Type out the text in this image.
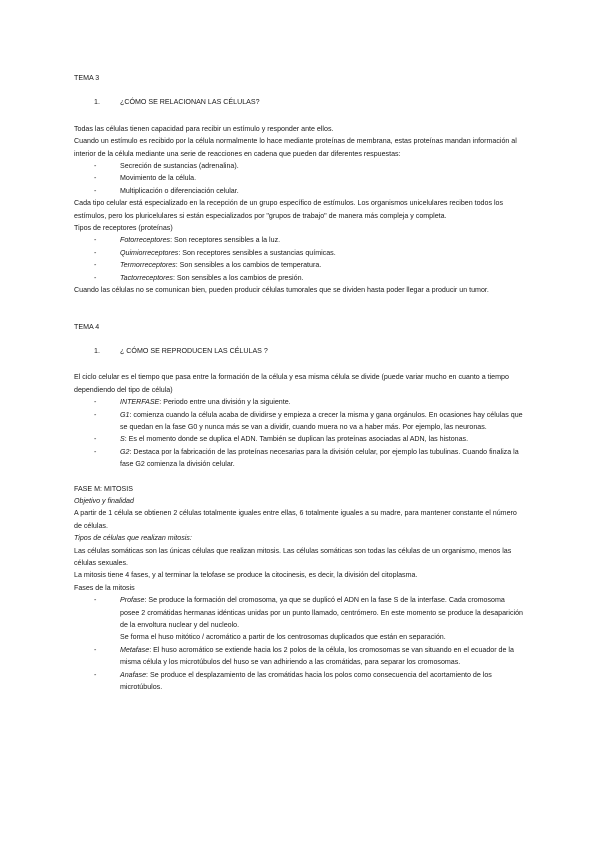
TEMA 3

1.	¿CÓMO SE RELACIONAN LAS CÉLULAS?

Todas las células tienen capacidad para recibir un estímulo y responder ante ellos.

Cuando un estímulo es recibido por la célula normalmente lo hace mediante proteínas de membrana, estas proteínas mandan información al interior de la célula mediante una serie de reacciones en cadena que pueden dar diferentes respuestas:

- Secreción de sustancias (adrenalina).
- Movimiento de la célula.
- Multiplicación o diferenciación celular.

Cada tipo celular está especializado en la recepción de un grupo específico de estímulos. Los organismos unicelulares reciben todos los estímulos, pero los pluricelulares si están especializados por "grupos de trabajo" de manera más compleja y completa.

Tipos de receptores (proteínas)

- Fotorreceptores: Son receptores sensibles a la luz.
- Quimiorreceptores: Son receptores sensibles a sustancias químicas.
- Termorreceptores: Son sensibles a los cambios de temperatura.
- Tactorreceptores: Son sensibles a los cambios de presión.

Cuando las células no se comunican bien, pueden producir células tumorales que se dividen hasta poder llegar a producir un tumor.

TEMA 4

1.	¿ CÓMO SE REPRODUCEN LAS CÉLULAS ?

El ciclo celular es el tiempo que pasa entre la formación de la célula y esa misma célula se divide (puede variar mucho en cuanto a tiempo dependiendo del tipo de célula)

- INTERFASE: Periodo entre una división y la siguiente.
- G1: comienza cuando la célula acaba de dividirse y empieza a crecer la misma y gana orgánulos. En ocasiones hay células que se quedan en la fase G0 y nunca más se van a dividir, cuando muera no va a haber más. Por ejemplo, las neuronas.
- S: Es el momento donde se duplica el ADN. También se duplican las proteínas asociadas al ADN, las histonas.
- G2: Destaca por la fabricación de las proteínas necesarias para la división celular, por ejemplo las tubulinas. Cuando finaliza la fase G2 comienza la división celular.

FASE M: MITOSIS

Objetivo y finalidad

A partir de 1 célula se obtienen 2 células totalmente iguales entre ellas, 6 totalmente iguales a su madre, para mantener constante el número de células.

Tipos de células que realizan mitosis:

Las células somáticas son las únicas células que realizan mitosis. Las células somáticas son todas las células de un organismo, menos las células sexuales.

La mitosis tiene 4 fases, y al terminar la telofase se produce la citocinesis, es decir, la división del citoplasma.

Fases de la mitosis

- Profase: Se produce la formación del cromosoma, ya que se duplicó el ADN en la fase S de la interfase. Cada cromosoma posee 2 cromátidas hermanas idénticas unidas por un punto llamado, centrómero. En este momento se produce la desaparición de la envoltura nuclear y del nucleolo.
Se forma el huso mitótico / acromático a partir de los centrosomas duplicados que están en separación.
- Metafase: El huso acromático se extiende hacia los 2 polos de la célula, los cromosomas se van situando en el ecuador de la misma célula y los microtúbulos del huso se van adhiriendo a las cromátidas, para separar los cromosomas.
- Anafase: Se produce el desplazamiento de las cromátidas hacia los polos como consecuencia del acortamiento de los microtúbulos.
